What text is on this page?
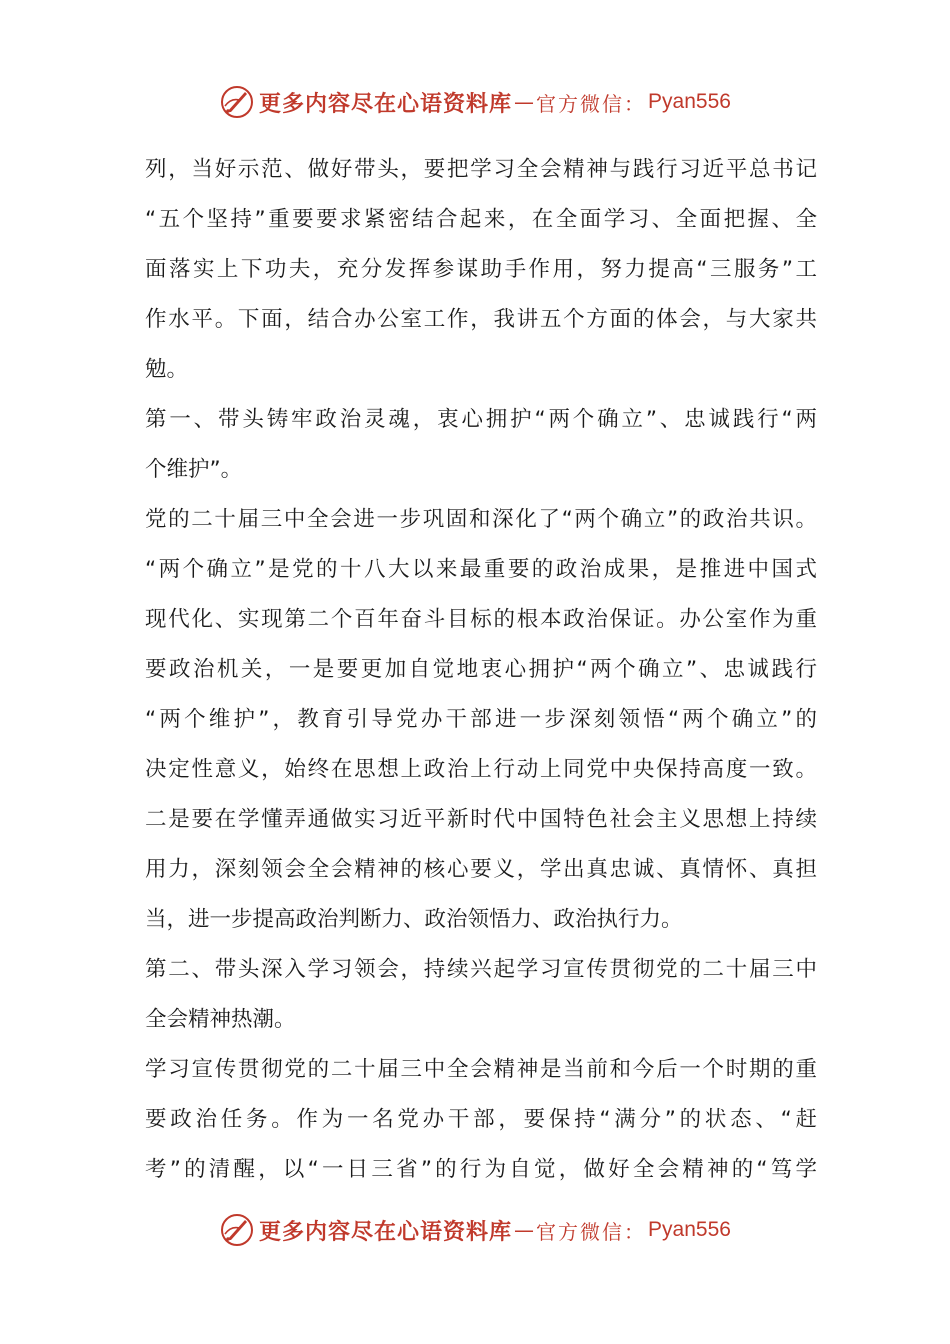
更多内容尽在心语资料库 — 官方微信： Pyan556
列，当好示范、做好带头，要把学习全会精神与践行习近平总书记
“五个坚持”重要要求紧密结合起来，在全面学习、全面把握、全
面落实上下功夫，充分发挥参谋助手作用，努力提高“三服务”工
作水平。下面，结合办公室工作，我讲五个方面的体会，与大家共
勉。
第一、带头铸牢政治灵魂，衷心拥护“两个确立”、忠诚践行“两
个维护”。
党的二十届三中全会进一步巩固和深化了“两个确立”的政治共识。
“两个确立”是党的十八大以来最重要的政治成果，是推进中国式
现代化、实现第二个百年奋斗目标的根本政治保证。办公室作为重
要政治机关，一是要更加自觉地衷心拥护“两个确立”、忠诚践行
“两个维护”，教育引导党办干部进一步深刻领悟“两个确立”的
决定性意义，始终在思想上政治上行动上同党中央保持高度一致。
二是要在学懂弄通做实习近平新时代中国特色社会主义思想上持续
用力，深刻领会全会精神的核心要义，学出真忠诚、真情怀、真担
当，进一步提高政治判断力、政治领悟力、政治执行力。
第二、带头深入学习领会，持续兴起学习宣传贯彻党的二十届三中
全会精神热潮。
学习宣传贯彻党的二十届三中全会精神是当前和今后一个时期的重
要政治任务。作为一名党办干部，要保持“满分”的状态、“赶
考”的清醒，以“一日三省”的行为自觉，做好全会精神的“笃学
更多内容尽在心语资料库 — 官方微信： Pyan556
